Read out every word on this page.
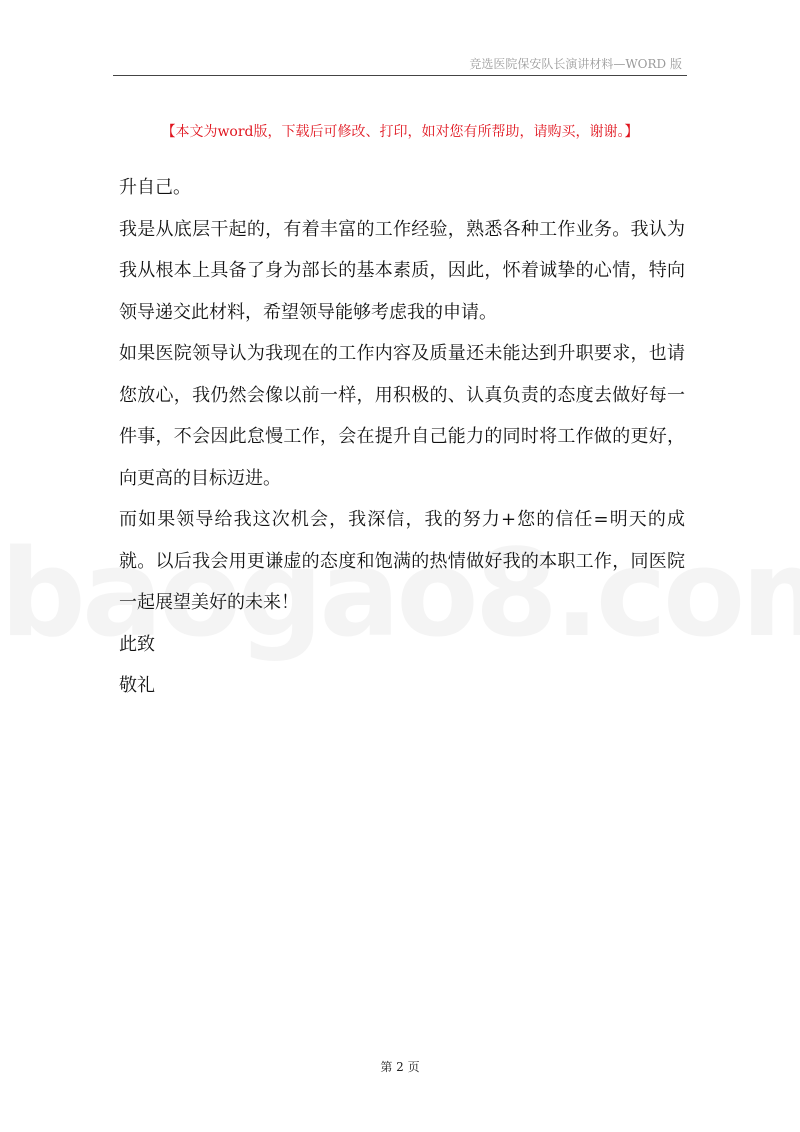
竞选医院保安队长演讲材料—WORD 版
【本文为word版，下载后可修改、打印，如对您有所帮助，请购买，谢谢。】

升自己。

我是从底层干起的，有着丰富的工作经验，熟悉各种工作业务。我认为我从根本上具备了身为部长的基本素质，因此，怀着诚挚的心情，特向领导递交此材料，希望领导能够考虑我的申请。

如果医院领导认为我现在的工作内容及质量还未能达到升职要求，也请您放心，我仍然会像以前一样，用积极的、认真负责的态度去做好每一件事，不会因此怠慢工作，会在提升自己能力的同时将工作做的更好，向更高的目标迈进。

而如果领导给我这次机会，我深信，我的努力+您的信任=明天的成就。以后我会用更谦虚的态度和饱满的热情做好我的本职工作，同医院一起展望美好的未来！

此致

敬礼

第 2 页
